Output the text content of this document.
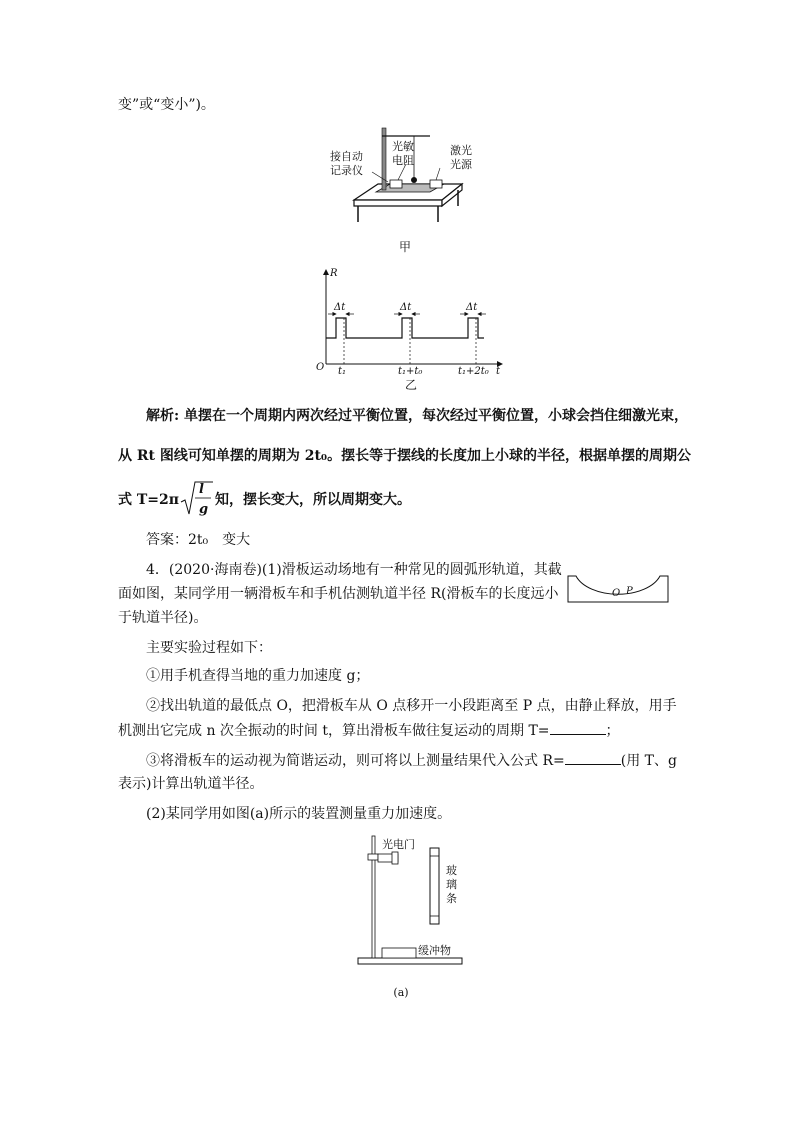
变”或“变小”)。
接自动
记录仪
光敏
电阻
激光
光源
甲
R
t
O
Δt	Δt	Δt
t₁	t₁+t₀	t₁+2t₀
乙
解析: 单摆在一个周期内两次经过平衡位置，每次经过平衡位置，小球会挡住细激光束，
从 Rt 图线可知单摆的周期为 2t₀。摆长等于摆线的长度加上小球的半径，根据单摆的周期公
式 T=2π
l
g
知，摆长变大，所以周期变大。
答案：2t₀　变大
4．(2020·海南卷)(1)滑板运动场地有一种常见的圆弧形轨道，其截
面如图，某同学用一辆滑板车和手机估测轨道半径 R(滑板车的长度远小
于轨道半径)。
O P
主要实验过程如下：
①用手机查得当地的重力加速度 g；
②找出轨道的最低点 O，把滑板车从 O 点移开一小段距离至 P 点，由静止释放，用手
机测出它完成 n 次全振动的时间 t，算出滑板车做往复运动的周期 T=	；
③将滑板车的运动视为简谐运动，则可将以上测量结果代入公式 R=	(用 T、g
表示)计算出轨道半径。
(2)某同学用如图(a)所示的装置测量重力加速度。
光电门
玻
璃
条
缓冲物
(a)
